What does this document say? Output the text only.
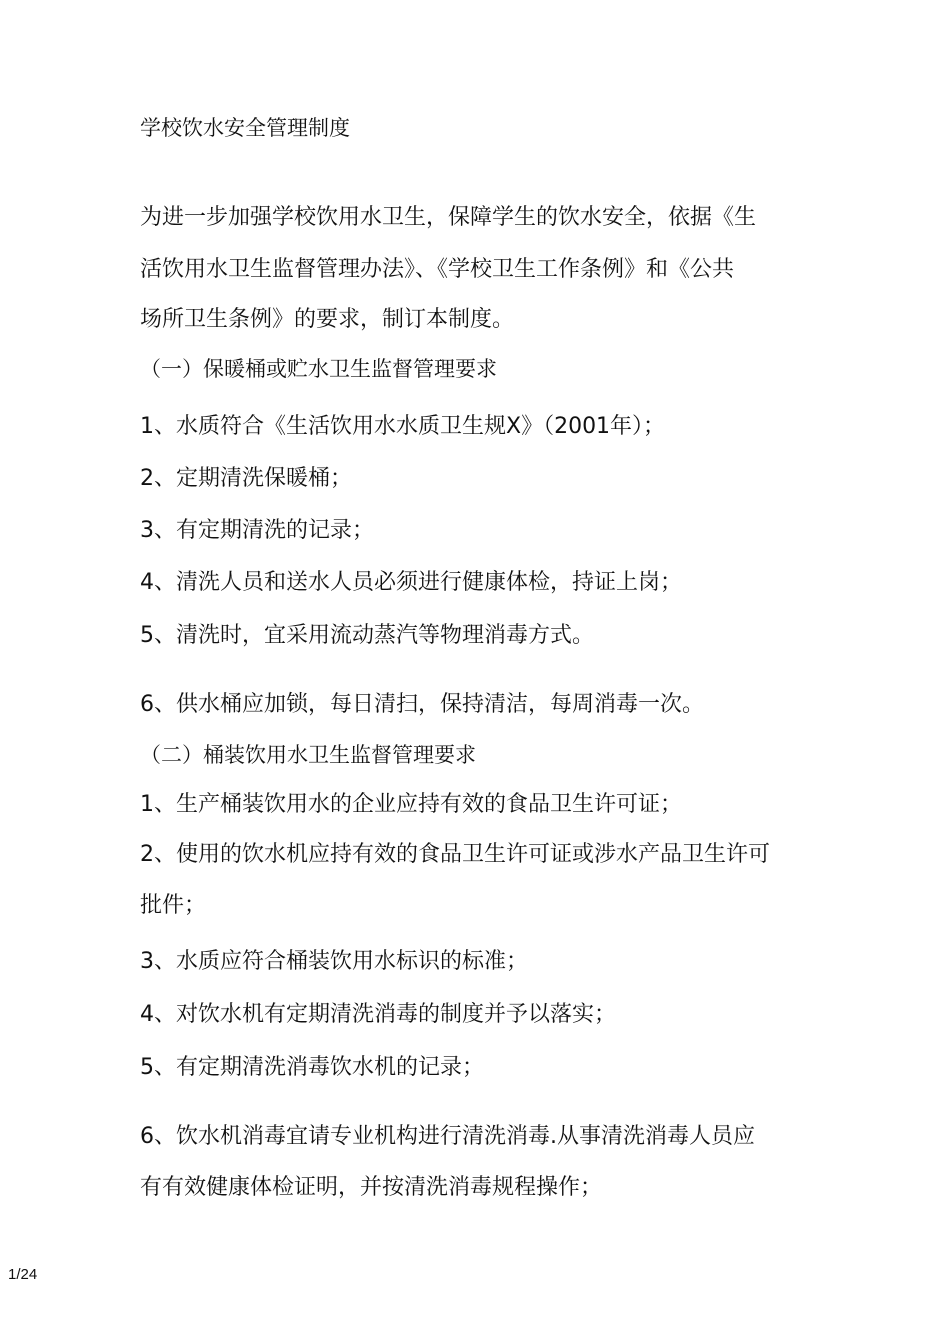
学校饮水安全管理制度
为进一步加强学校饮用水卫生，保障学生的饮水安全，依据《生
活饮用水卫生监督管理办法》、《学校卫生工作条例》和《公共
场所卫生条例》的要求，制订本制度。
（一）保暖桶或贮水卫生监督管理要求
1、水质符合《生活饮用水水质卫生规X》（2001年）；
2、定期清洗保暖桶；
3、有定期清洗的记录；
4、清洗人员和送水人员必须进行健康体检，持证上岗；
5、清洗时，宜采用流动蒸汽等物理消毒方式。
6、供水桶应加锁，每日清扫，保持清洁，每周消毒一次。
（二）桶装饮用水卫生监督管理要求
1、生产桶装饮用水的企业应持有效的食品卫生许可证；
2、使用的饮水机应持有效的食品卫生许可证或涉水产品卫生许可
批件；
3、水质应符合桶装饮用水标识的标准；
4、对饮水机有定期清洗消毒的制度并予以落实；
5、有定期清洗消毒饮水机的记录；
6、饮水机消毒宜请专业机构进行清洗消毒.从事清洗消毒人员应
有有效健康体检证明，并按清洗消毒规程操作；
1/24
